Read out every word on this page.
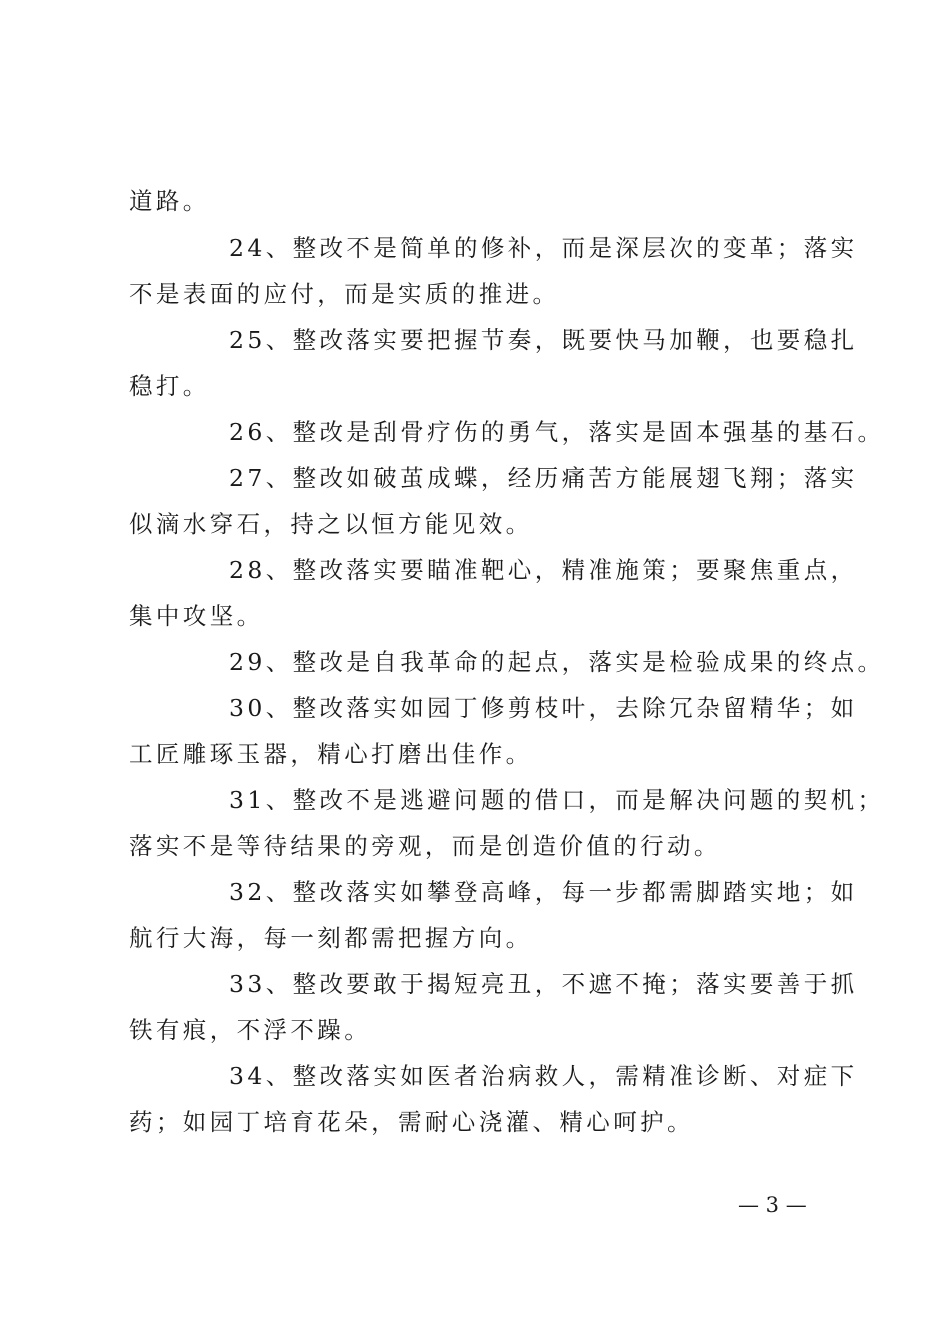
道路。
24、整改不是简单的修补，而是深层次的变革；落实
不是表面的应付，而是实质的推进。
25、整改落实要把握节奏，既要快马加鞭，也要稳扎
稳打。
26、整改是刮骨疗伤的勇气，落实是固本强基的基石。
27、整改如破茧成蝶，经历痛苦方能展翅飞翔；落实
似滴水穿石，持之以恒方能见效。
28、整改落实要瞄准靶心，精准施策；要聚焦重点，
集中攻坚。
29、整改是自我革命的起点，落实是检验成果的终点。
30、整改落实如园丁修剪枝叶，去除冗杂留精华；如
工匠雕琢玉器，精心打磨出佳作。
31、整改不是逃避问题的借口，而是解决问题的契机；
落实不是等待结果的旁观，而是创造价值的行动。
32、整改落实如攀登高峰，每一步都需脚踏实地；如
航行大海，每一刻都需把握方向。
33、整改要敢于揭短亮丑，不遮不掩；落实要善于抓
铁有痕，不浮不躁。
34、整改落实如医者治病救人，需精准诊断、对症下
药；如园丁培育花朵，需耐心浇灌、精心呵护。
— 3 —
